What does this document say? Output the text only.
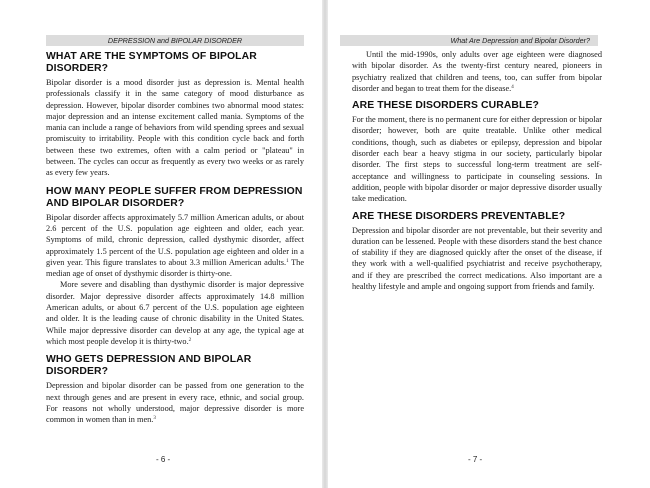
DEPRESSION and BIPOLAR DISORDER
WHAT ARE THE SYMPTOMS OF BIPOLAR DISORDER?

Bipolar disorder is a mood disorder just as depression is. Mental health professionals classify it in the same category of mood disturbance as depression. However, bipolar disorder combines two abnormal mood states: major depression and an intense excitement called mania. Symptoms of the mania can include a range of behaviors from wild spending sprees and sexual promiscuity to irritability. People with this condition cycle back and forth between these two extremes, often with a calm period or "plateau" in between. The cycles can occur as frequently as every two weeks or as rarely as every few years.

HOW MANY PEOPLE SUFFER FROM DEPRESSION AND BIPOLAR DISORDER?

Bipolar disorder affects approximately 5.7 million American adults, or about 2.6 percent of the U.S. population age eighteen and older, each year. Symptoms of mild, chronic depression, called dysthymic disorder, affect approximately 1.5 percent of the U.S. population age eighteen and older in a given year. This figure translates to about 3.3 million American adults.$^1$ The median age of onset of dysthymic disorder is thirty-one.

More severe and disabling than dysthymic disorder is major depressive disorder. Major depressive disorder affects approximately 14.8 million American adults, or about 6.7 percent of the U.S. population age eighteen and older. It is the leading cause of chronic disability in the United States. While major depressive disorder can develop at any age, the typical age at which most people develop it is thirty-two.$^2$

WHO GETS DEPRESSION AND BIPOLAR DISORDER?

Depression and bipolar disorder can be passed from one generation to the next through genes and are present in every race, ethnic, and social group. For reasons not wholly understood, major depressive disorder is more common in women than in men.$^3$

- 6 -
What Are Depression and Bipolar Disorder?

Until the mid-1990s, only adults over age eighteen were diagnosed with bipolar disorder. As the twenty-first century neared, pioneers in psychiatry realized that children and teens, too, can suffer from bipolar disorder and began to treat them for the disease.$^4$

ARE THESE DISORDERS CURABLE?

For the moment, there is no permanent cure for either depression or bipolar disorder; however, both are quite treatable. Unlike other medical conditions, though, such as diabetes or epilepsy, depression and bipolar disorder each bear a heavy stigma in our society, particularly bipolar disorder. The first steps to successful long-term treatment are self-acceptance and willingness to participate in counseling sessions. In addition, people with bipolar disorder or major depressive disorder usually take medication.

ARE THESE DISORDERS PREVENTABLE?

Depression and bipolar disorder are not preventable, but their severity and duration can be lessened. People with these disorders stand the best chance of stability if they are diagnosed quickly after the onset of the disease, if they work with a well-qualified psychiatrist and receive psychotherapy, and if they are prescribed the correct medications. Also important are a healthy lifestyle and ample and ongoing support from friends and family.

- 7 -
